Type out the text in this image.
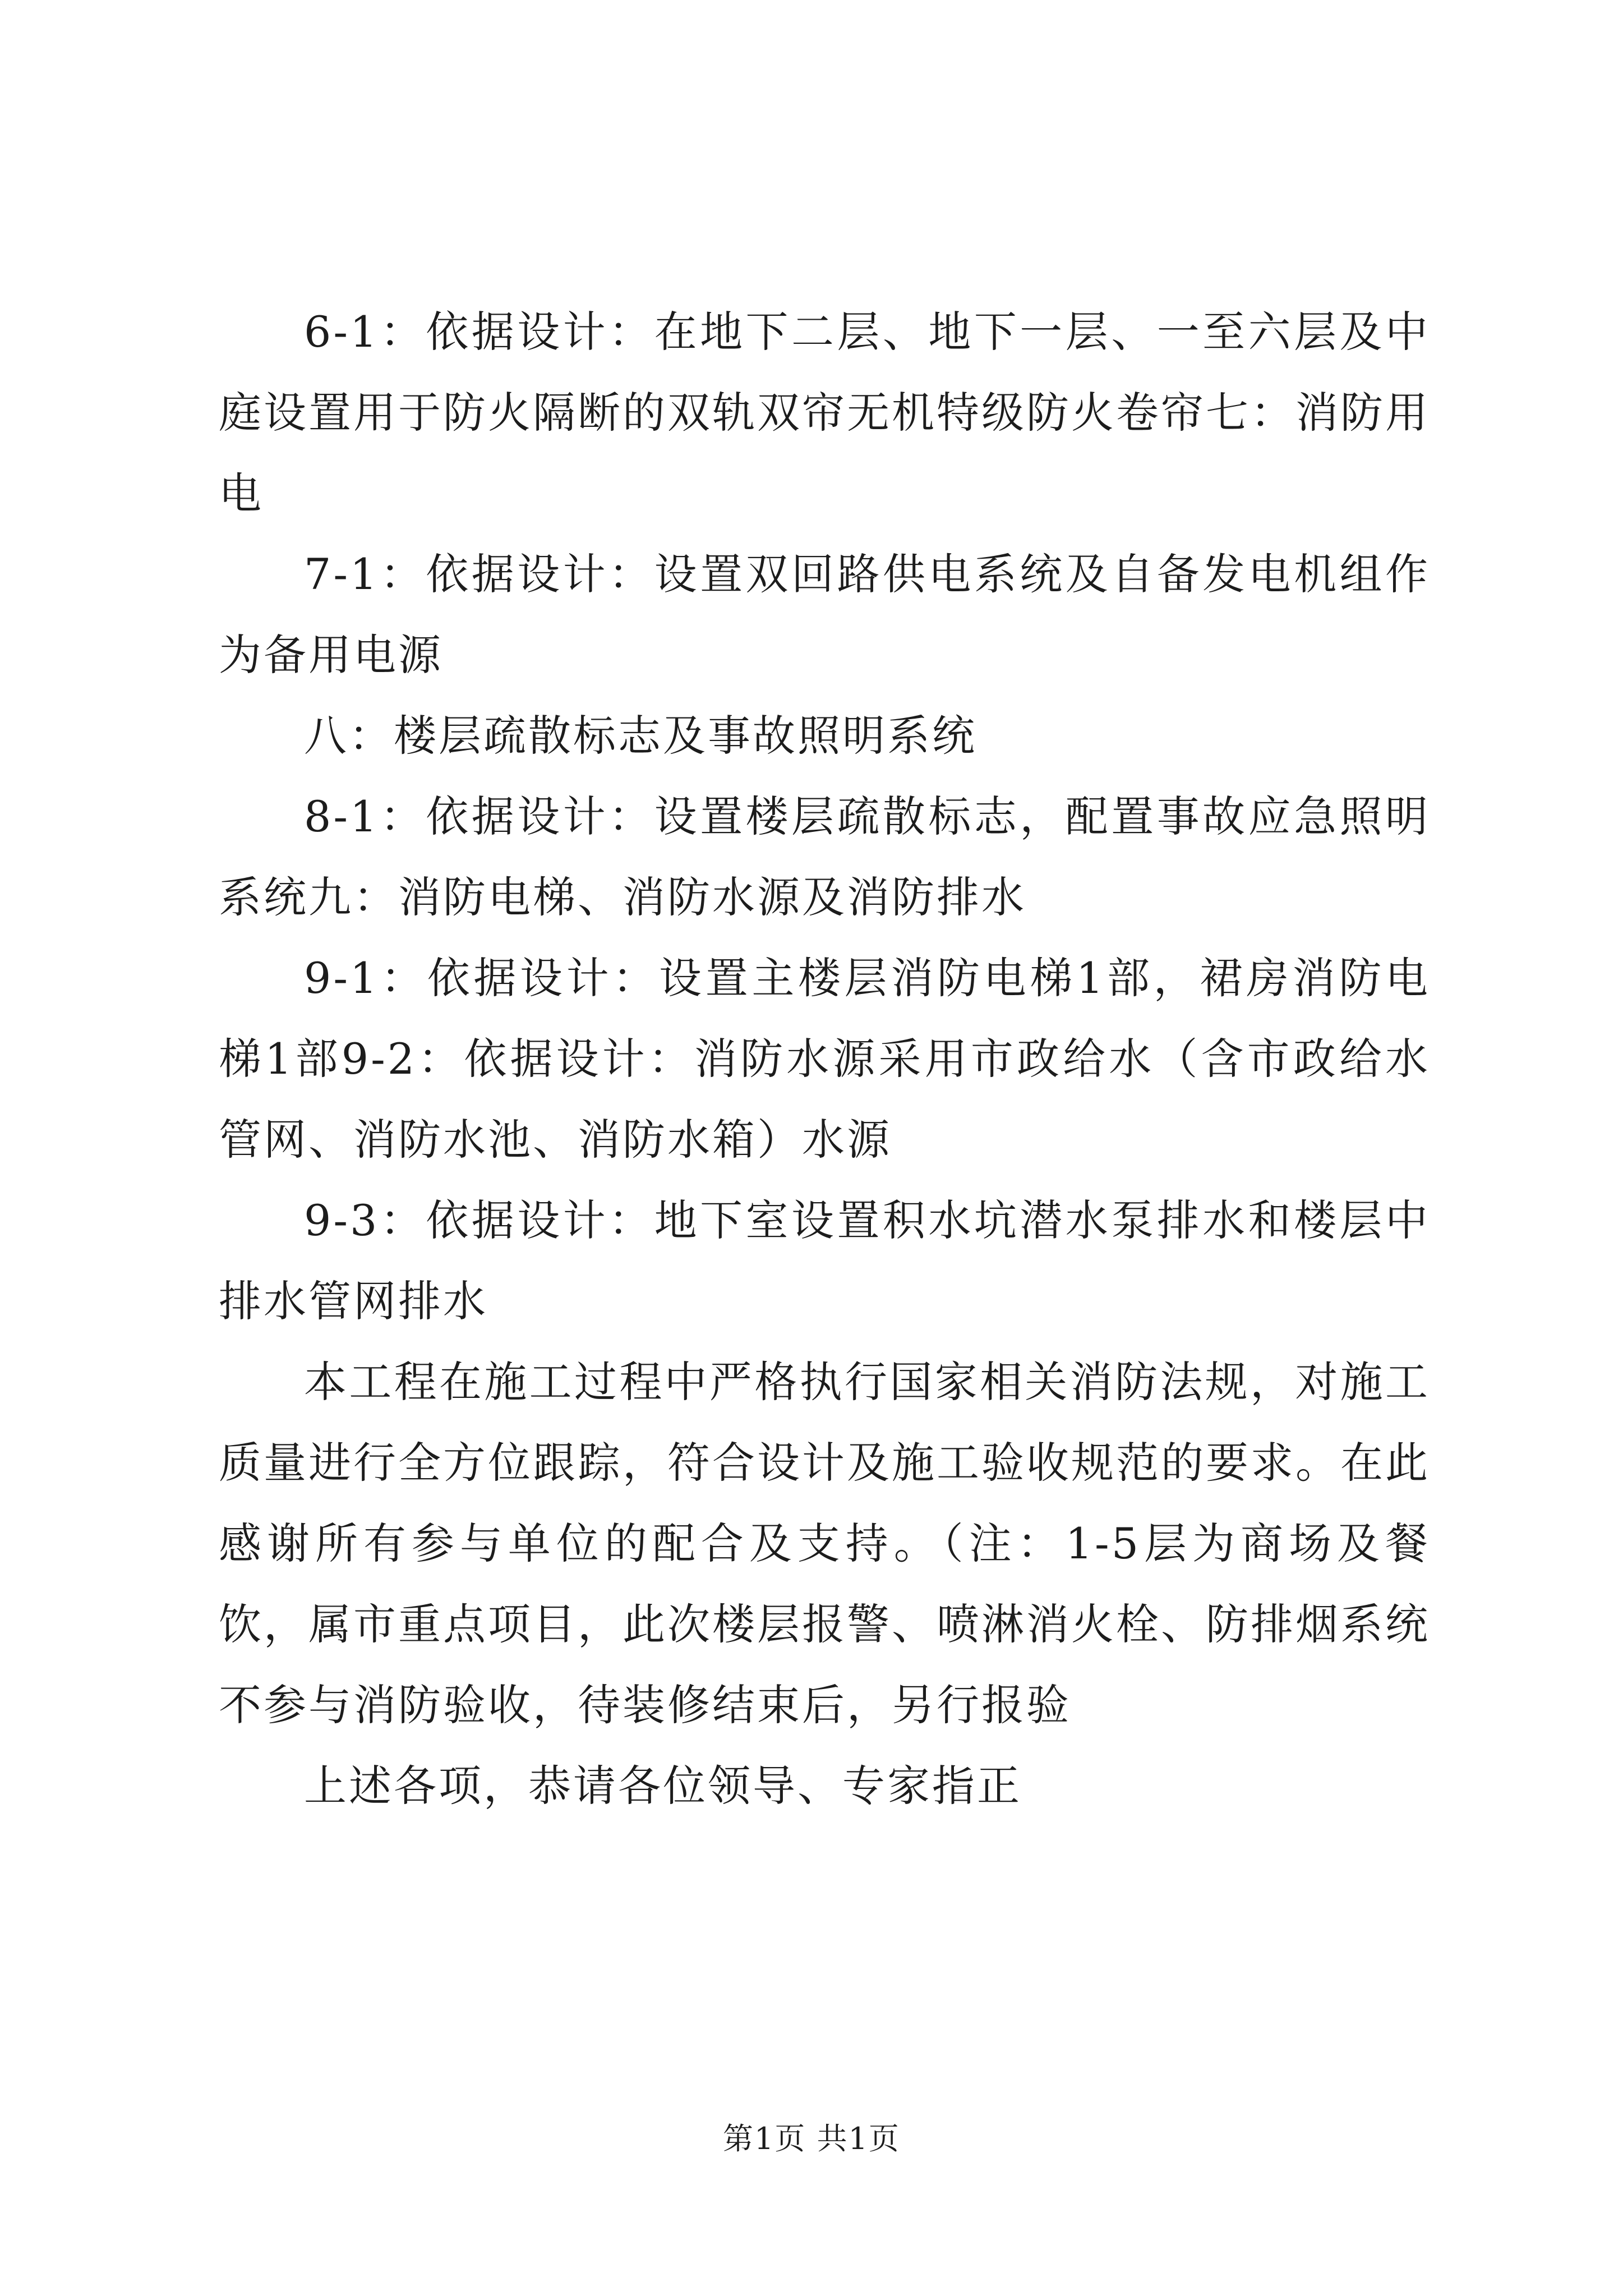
6-1：依据设计：在地下二层、地下一层、一至六层及中庭设置用于防火隔断的双轨双帘无机特级防火卷帘七：消防用电

7-1：依据设计：设置双回路供电系统及自备发电机组作为备用电源

八：楼层疏散标志及事故照明系统

8-1：依据设计：设置楼层疏散标志，配置事故应急照明系统九：消防电梯、消防水源及消防排水

9-1：依据设计：设置主楼层消防电梯1部，裙房消防电梯1部9-2：依据设计：消防水源采用市政给水（含市政给水管网、消防水池、消防水箱）水源

9-3：依据设计：地下室设置积水坑潜水泵排水和楼层中排水管网排水

本工程在施工过程中严格执行国家相关消防法规，对施工质量进行全方位跟踪，符合设计及施工验收规范的要求。在此感谢所有参与单位的配合及支持。（注：1-5层为商场及餐饮，属市重点项目，此次楼层报警、喷淋消火栓、防排烟系统不参与消防验收，待装修结束后，另行报验

上述各项，恭请各位领导、专家指正

第1页 共1页
